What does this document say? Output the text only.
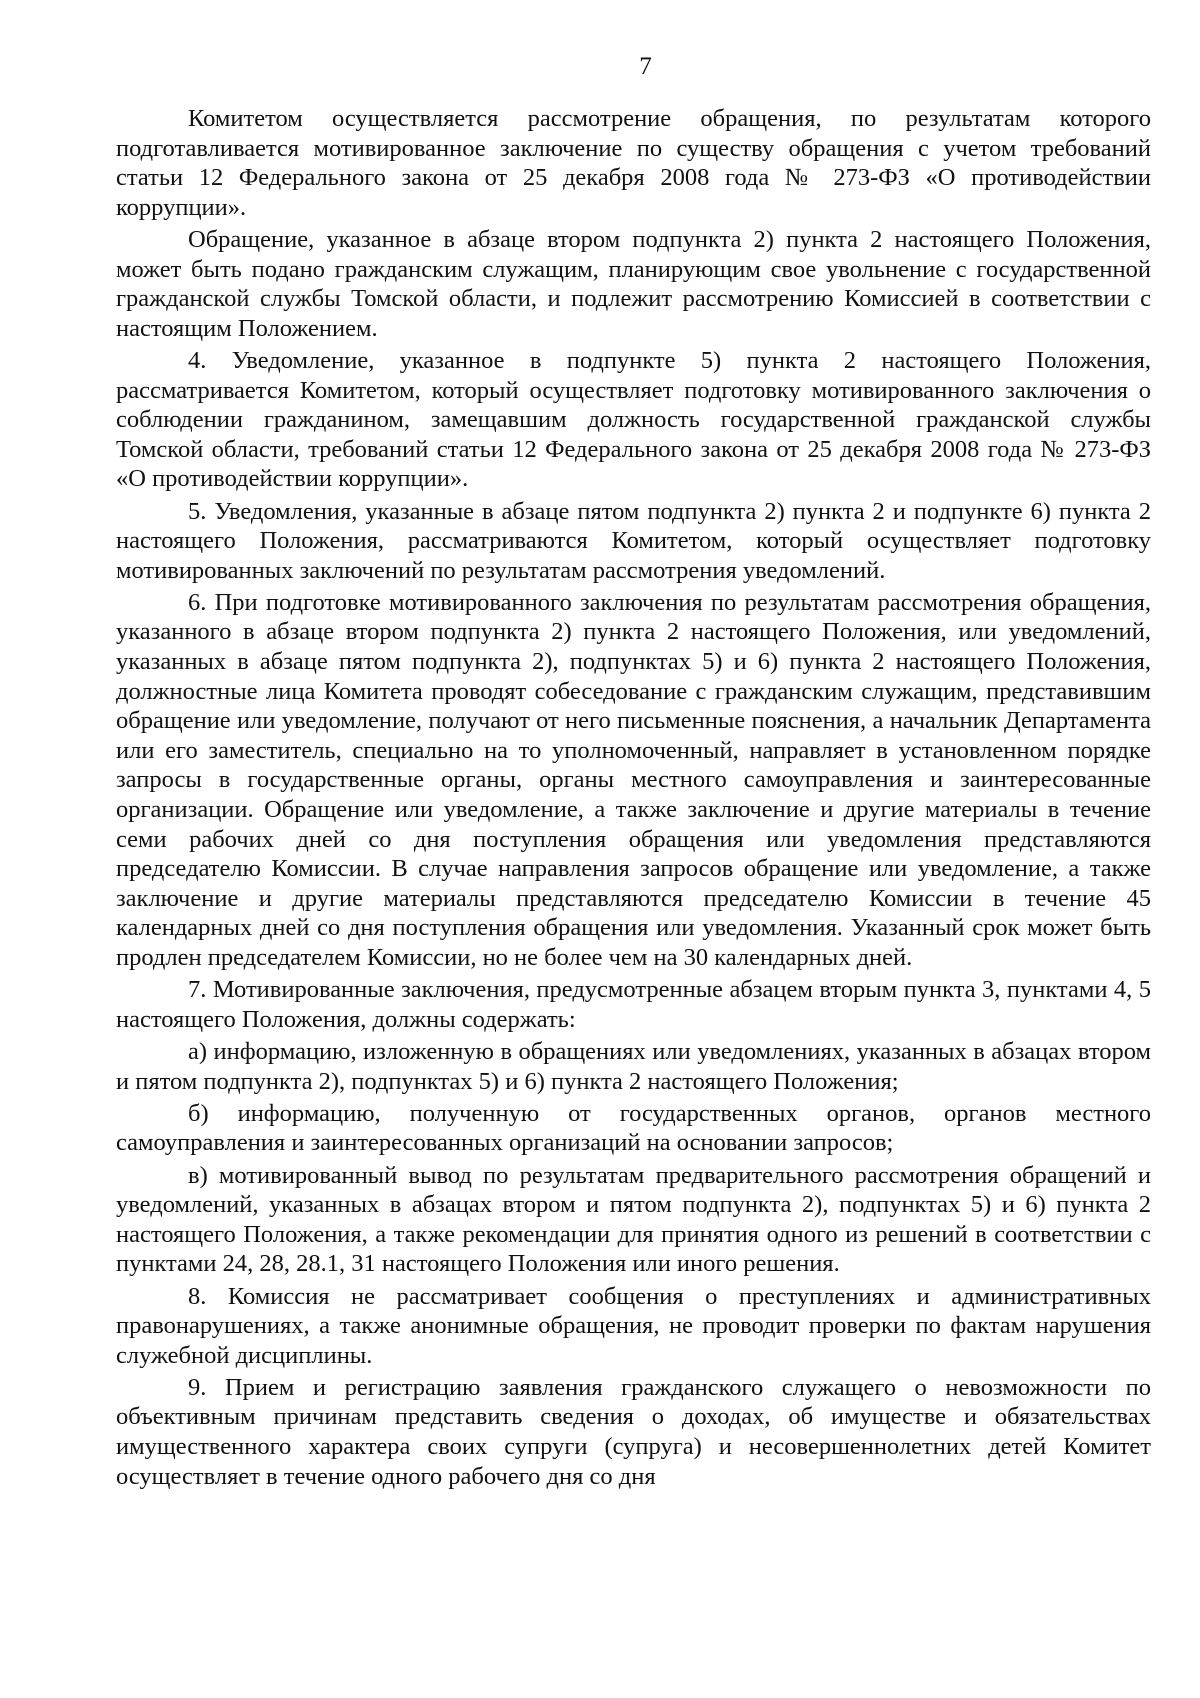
7

Комитетом осуществляется рассмотрение обращения, по результатам которого подготавливается мотивированное заключение по существу обращения с учетом требований статьи 12 Федерального закона от 25 декабря 2008 года № 273-ФЗ «О противодействии коррупции».

Обращение, указанное в абзаце втором подпункта 2) пункта 2 настоящего Положения, может быть подано гражданским служащим, планирующим свое увольнение с государственной гражданской службы Томской области, и подлежит рассмотрению Комиссией в соответствии с настоящим Положением.

4. Уведомление, указанное в подпункте 5) пункта 2 настоящего Положения, рассматривается Комитетом, который осуществляет подготовку мотивированного заключения о соблюдении гражданином, замещавшим должность государственной гражданской службы Томской области, требований статьи 12 Федерального закона от 25 декабря 2008 года № 273-ФЗ «О противодействии коррупции».

5. Уведомления, указанные в абзаце пятом подпункта 2) пункта 2 и подпункте 6) пункта 2 настоящего Положения, рассматриваются Комитетом, который осуществляет подготовку мотивированных заключений по результатам рассмотрения уведомлений.

6. При подготовке мотивированного заключения по результатам рассмотрения обращения, указанного в абзаце втором подпункта 2) пункта 2 настоящего Положения, или уведомлений, указанных в абзаце пятом подпункта 2), подпунктах 5) и 6) пункта 2 настоящего Положения, должностные лица Комитета проводят собеседование с гражданским служащим, представившим обращение или уведомление, получают от него письменные пояснения, а начальник Департамента или его заместитель, специально на то уполномоченный, направляет в установленном порядке запросы в государственные органы, органы местного самоуправления и заинтересованные организации. Обращение или уведомление, а также заключение и другие материалы в течение семи рабочих дней со дня поступления обращения или уведомления представляются председателю Комиссии. В случае направления запросов обращение или уведомление, а также заключение и другие материалы представляются председателю Комиссии в течение 45 календарных дней со дня поступления обращения или уведомления. Указанный срок может быть продлен председателем Комиссии, но не более чем на 30 календарных дней.

7. Мотивированные заключения, предусмотренные абзацем вторым пункта 3, пунктами 4, 5 настоящего Положения, должны содержать:

а) информацию, изложенную в обращениях или уведомлениях, указанных в абзацах втором и пятом подпункта 2), подпунктах 5) и 6) пункта 2 настоящего Положения;

б) информацию, полученную от государственных органов, органов местного самоуправления и заинтересованных организаций на основании запросов;

в) мотивированный вывод по результатам предварительного рассмотрения обращений и уведомлений, указанных в абзацах втором и пятом подпункта 2), подпунктах 5) и 6) пункта 2 настоящего Положения, а также рекомендации для принятия одного из решений в соответствии с пунктами 24, 28, 28.1, 31 настоящего Положения или иного решения.

8. Комиссия не рассматривает сообщения о преступлениях и административных правонарушениях, а также анонимные обращения, не проводит проверки по фактам нарушения служебной дисциплины.

9. Прием и регистрацию заявления гражданского служащего о невозможности по объективным причинам представить сведения о доходах, об имуществе и обязательствах имущественного характера своих супруги (супруга) и несовершеннолетних детей Комитет осуществляет в течение одного рабочего дня со дня
